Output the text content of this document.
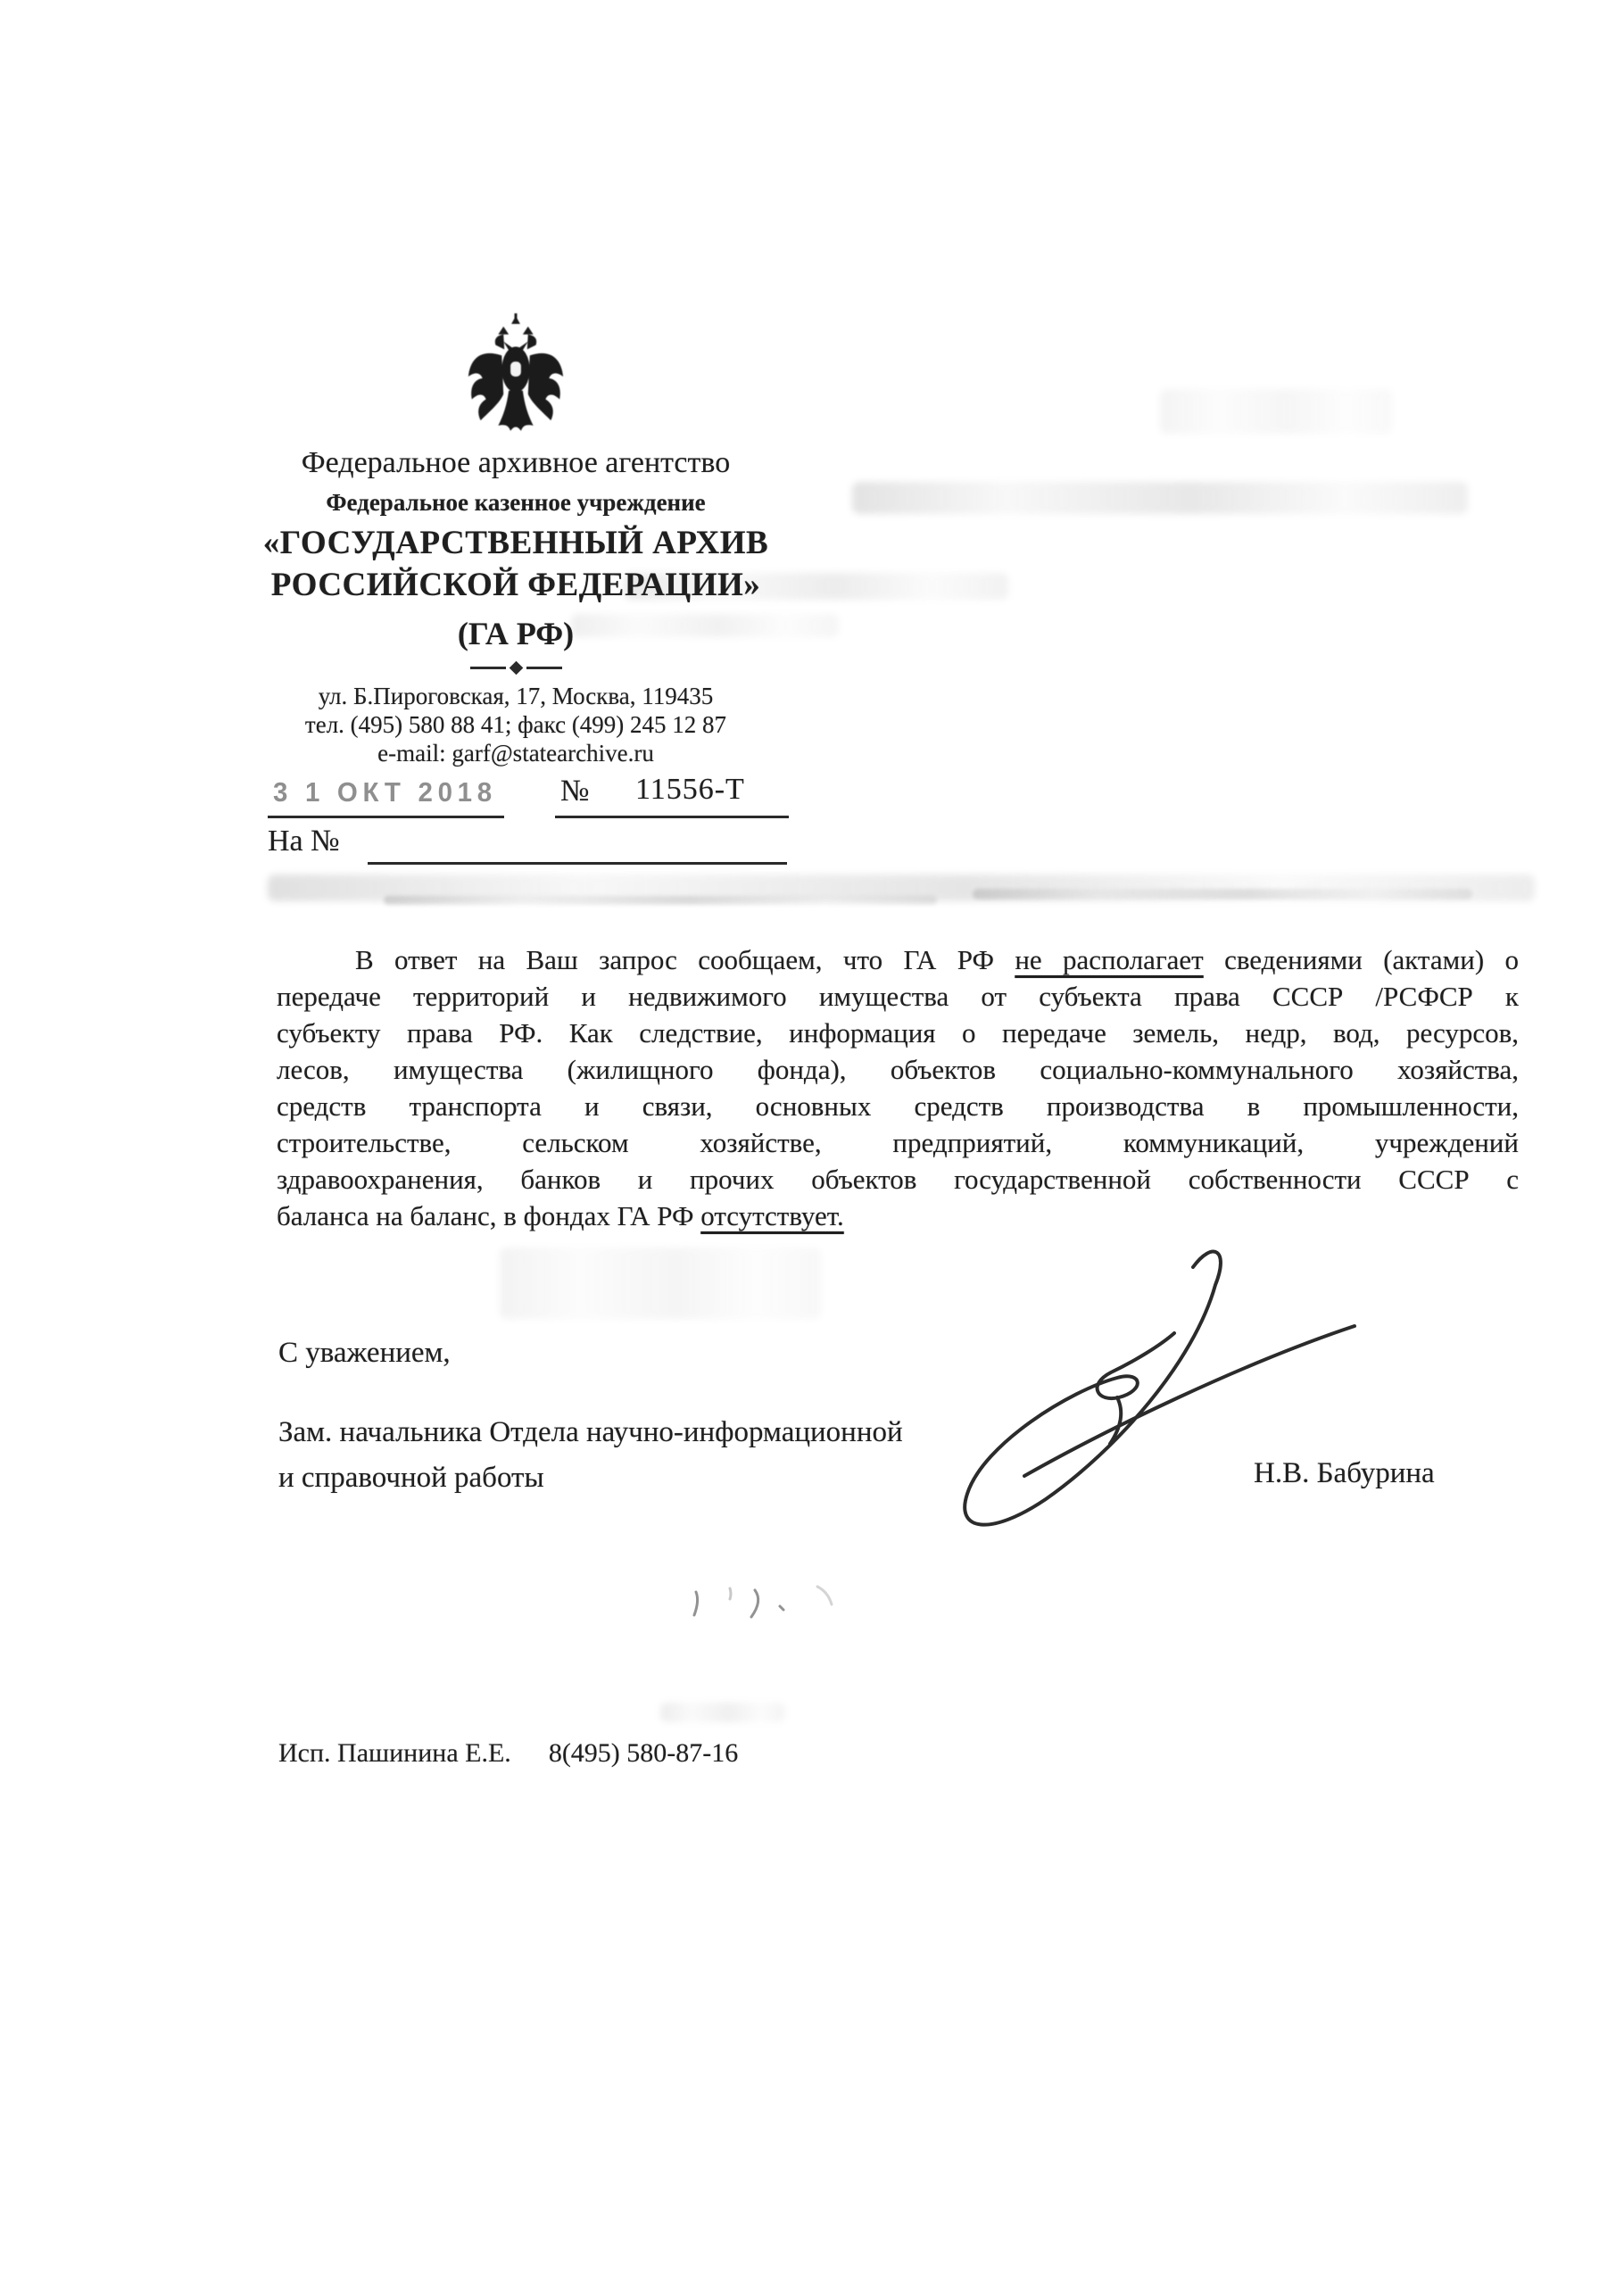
Федеральное архивное агентство
Федеральное казенное учреждение
«ГОСУДАРСТВЕННЫЙ АРХИВ
РОССИЙСКОЙ ФЕДЕРАЦИИ»
(ГА РФ)
ул. Б.Пироговская, 17, Москва, 119435
тел. (495) 580 88 41; факс (499) 245 12 87
e-mail: garf@statearchive.ru
3 1 ОКТ 2018 № 11556-Т
На №
В ответ на Ваш запрос сообщаем, что ГА РФ не располагает сведениями (актами) о
передаче территорий и недвижимого имущества от субъекта права СССР /РСФСР к
субъекту права РФ. Как следствие, информация о передаче земель, недр, вод, ресурсов,
лесов, имущества (жилищного фонда), объектов социально-коммунального хозяйства,
средств транспорта и связи, основных средств производства в промышленности,
строительстве, сельском хозяйстве, предприятий, коммуникаций, учреждений
здравоохранения, банков и прочих объектов государственной собственности СССР с
баланса на баланс, в фондах ГА РФ отсутствует.
С уважением,
Зам. начальника Отдела научно-информационной
и справочной работы	Н.В. Бабурина
Исп. Пашинина Е.Е. 8(495) 580-87-16
